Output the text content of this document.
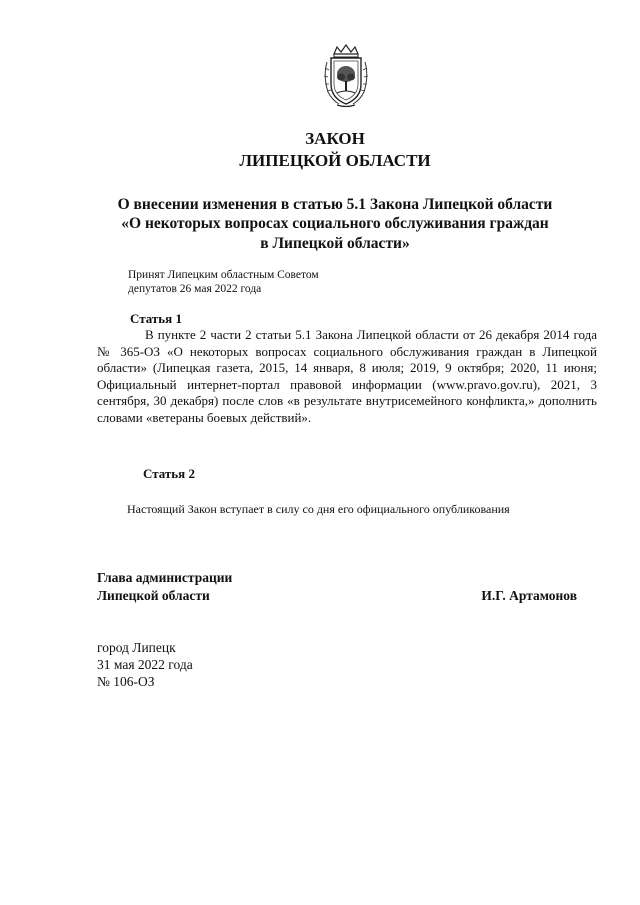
ЗАКОН
ЛИПЕЦКОЙ ОБЛАСТИ
О внесении изменения в статью 5.1 Закона Липецкой области
«О некоторых вопросах социального обслуживания граждан
в Липецкой области»
Принят Липецким областным Советом
депутатов 26 мая 2022 года
Статья 1

В пункте 2 части 2 статьи 5.1 Закона Липецкой области от 26 декабря 2014 года № 365-ОЗ «О некоторых вопросах социального обслуживания граждан в Липецкой области» (Липецкая газета, 2015, 14 января, 8 июля; 2019, 9 октября; 2020, 11 июня; Официальный интернет-портал правовой информации (www.pravo.gov.ru), 2021, 3 сентября, 30 декабря) после слов «в результате внутрисемейного конфликта,» дополнить словами «ветераны боевых действий».

Статья 2
Настоящий Закон вступает в силу со дня его официального опубликования
Глава администрации
Липецкой области	И.Г. Артамонов
город Липецк
31 мая 2022 года
№ 106-ОЗ
